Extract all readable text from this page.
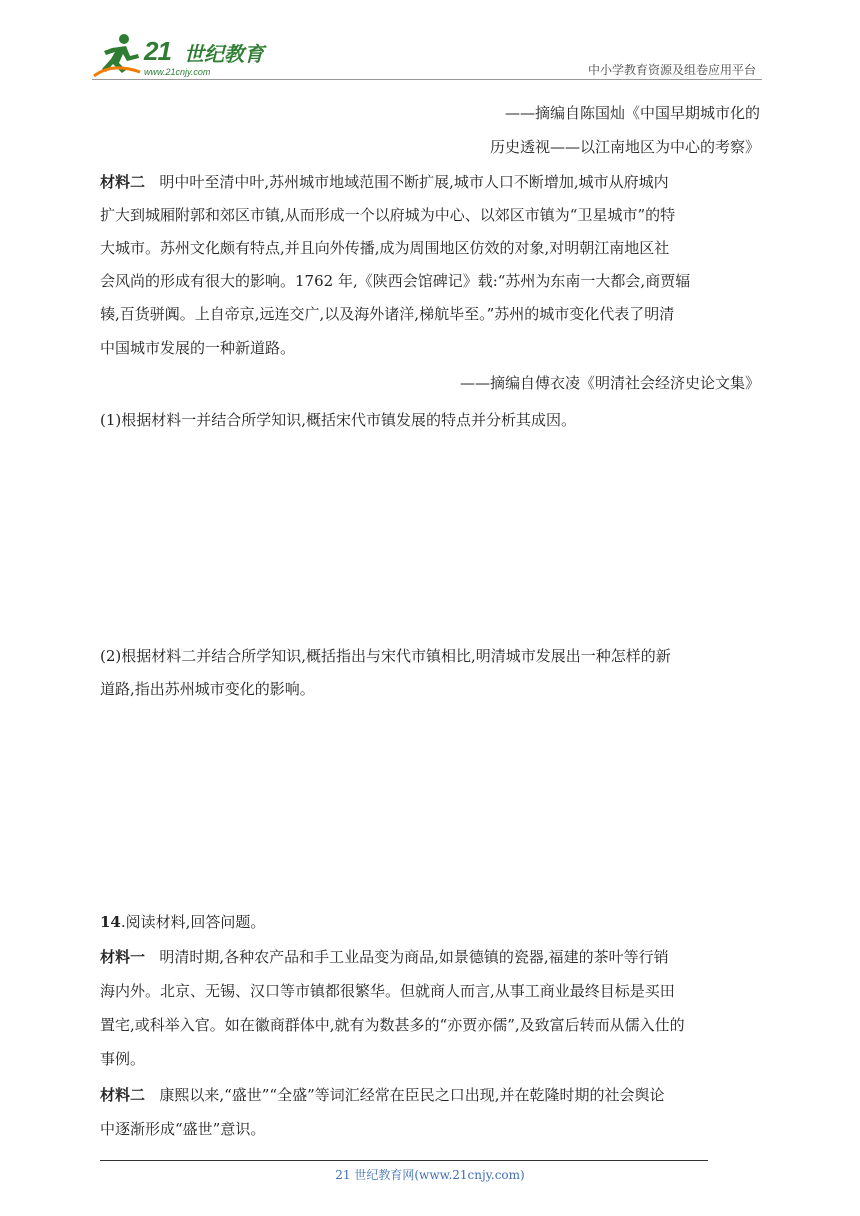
21 世纪教育
www.21cnjy.com	中小学教育资源及组卷应用平台
——摘编自陈国灿《中国早期城市化的
历史透视——以江南地区为中心的考察》
材料二 明中叶至清中叶,苏州城市地域范围不断扩展,城市人口不断增加,城市从府城内
扩大到城厢附郭和郊区市镇,从而形成一个以府城为中心、以郊区市镇为“卫星城市”的特
大城市。苏州文化颇有特点,并且向外传播,成为周围地区仿效的对象,对明朝江南地区社
会风尚的形成有很大的影响。1762 年,《陕西会馆碑记》载:“苏州为东南一大都会,商贾辐
辏,百货骈阗。上自帝京,远连交广,以及海外诸洋,梯航毕至。”苏州的城市变化代表了明清
中国城市发展的一种新道路。
——摘编自傅衣凌《明清社会经济史论文集》
(1)根据材料一并结合所学知识,概括宋代市镇发展的特点并分析其成因。
(2)根据材料二并结合所学知识,概括指出与宋代市镇相比,明清城市发展出一种怎样的新
道路,指出苏州城市变化的影响。
14.阅读材料,回答问题。
材料一 明清时期,各种农产品和手工业品变为商品,如景德镇的瓷器,福建的茶叶等行销
海内外。北京、无锡、汉口等市镇都很繁华。但就商人而言,从事工商业最终目标是买田
置宅,或科举入官。如在徽商群体中,就有为数甚多的“亦贾亦儒”,及致富后转而从儒入仕的
事例。
材料二 康熙以来,“盛世”“全盛”等词汇经常在臣民之口出现,并在乾隆时期的社会舆论
中逐渐形成“盛世”意识。
21 世纪教育网(www.21cnjy.com)
